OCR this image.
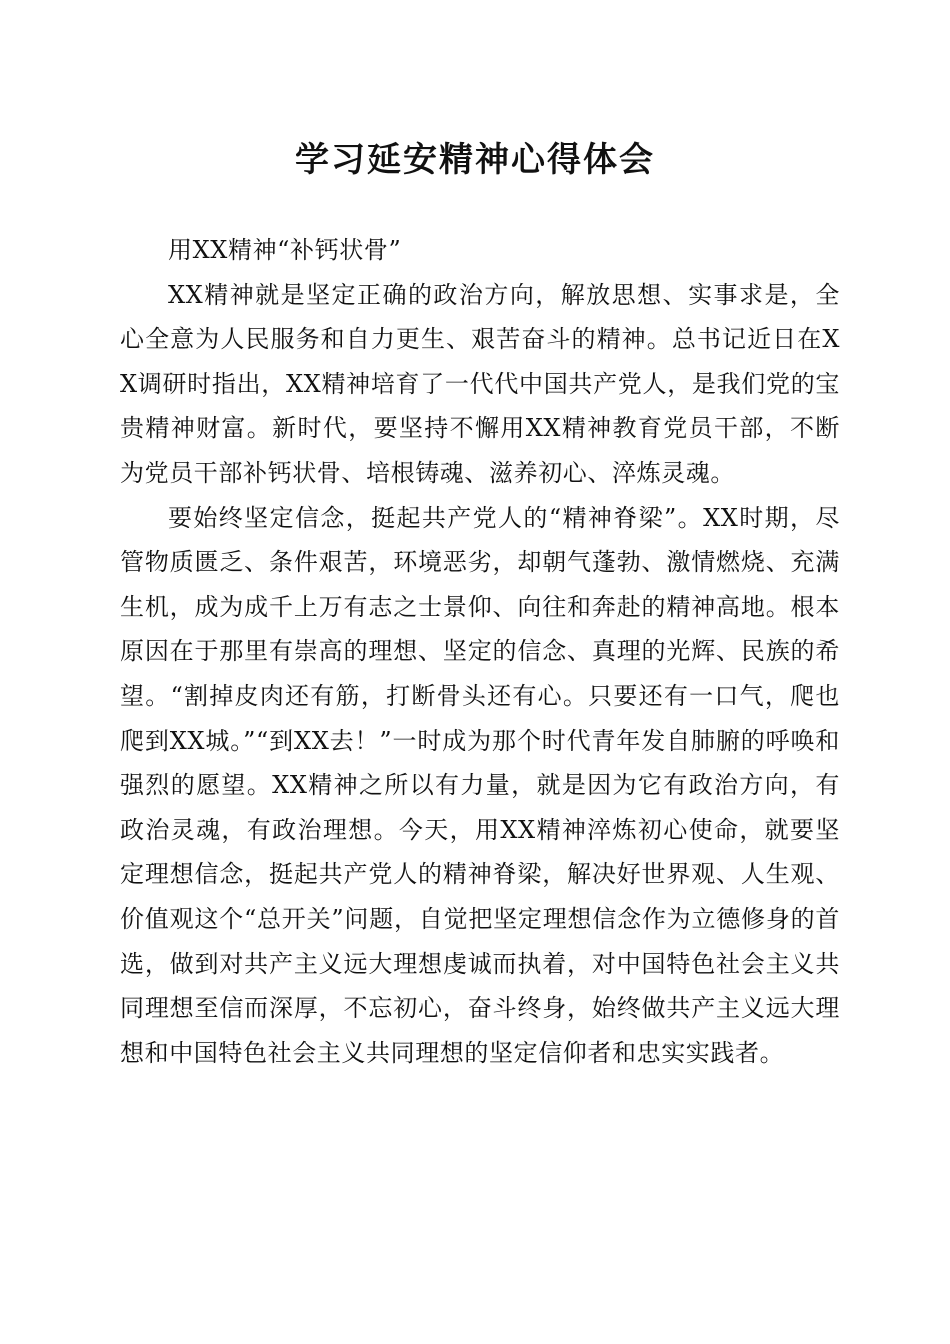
学习延安精神心得体会

用XX精神“补钙状骨”

XX精神就是坚定正确的政治方向，解放思想、实事求是，全心全意为人民服务和自力更生、艰苦奋斗的精神。总书记近日在XX调研时指出，XX精神培育了一代代中国共产党人，是我们党的宝贵精神财富。新时代，要坚持不懈用XX精神教育党员干部，不断为党员干部补钙状骨、培根铸魂、滋养初心、淬炼灵魂。

要始终坚定信念，挺起共产党人的“精神脊梁”。XX时期，尽管物质匮乏、条件艰苦，环境恶劣，却朝气蓬勃、激情燃烧、充满生机，成为成千上万有志之士景仰、向往和奔赴的精神高地。根本原因在于那里有崇高的理想、坚定的信念、真理的光辉、民族的希望。“割掉皮肉还有筋，打断骨头还有心。只要还有一口气，爬也爬到XX城。”“到XX去！”一时成为那个时代青年发自肺腑的呼唤和强烈的愿望。XX精神之所以有力量，就是因为它有政治方向，有政治灵魂，有政治理想。今天，用XX精神淬炼初心使命，就要坚定理想信念，挺起共产党人的精神脊梁，解决好世界观、人生观、价值观这个“总开关”问题，自觉把坚定理想信念作为立德修身的首选，做到对共产主义远大理想虔诚而执着，对中国特色社会主义共同理想至信而深厚，不忘初心，奋斗终身，始终做共产主义远大理想和中国特色社会主义共同理想的坚定信仰者和忠实实践者。
